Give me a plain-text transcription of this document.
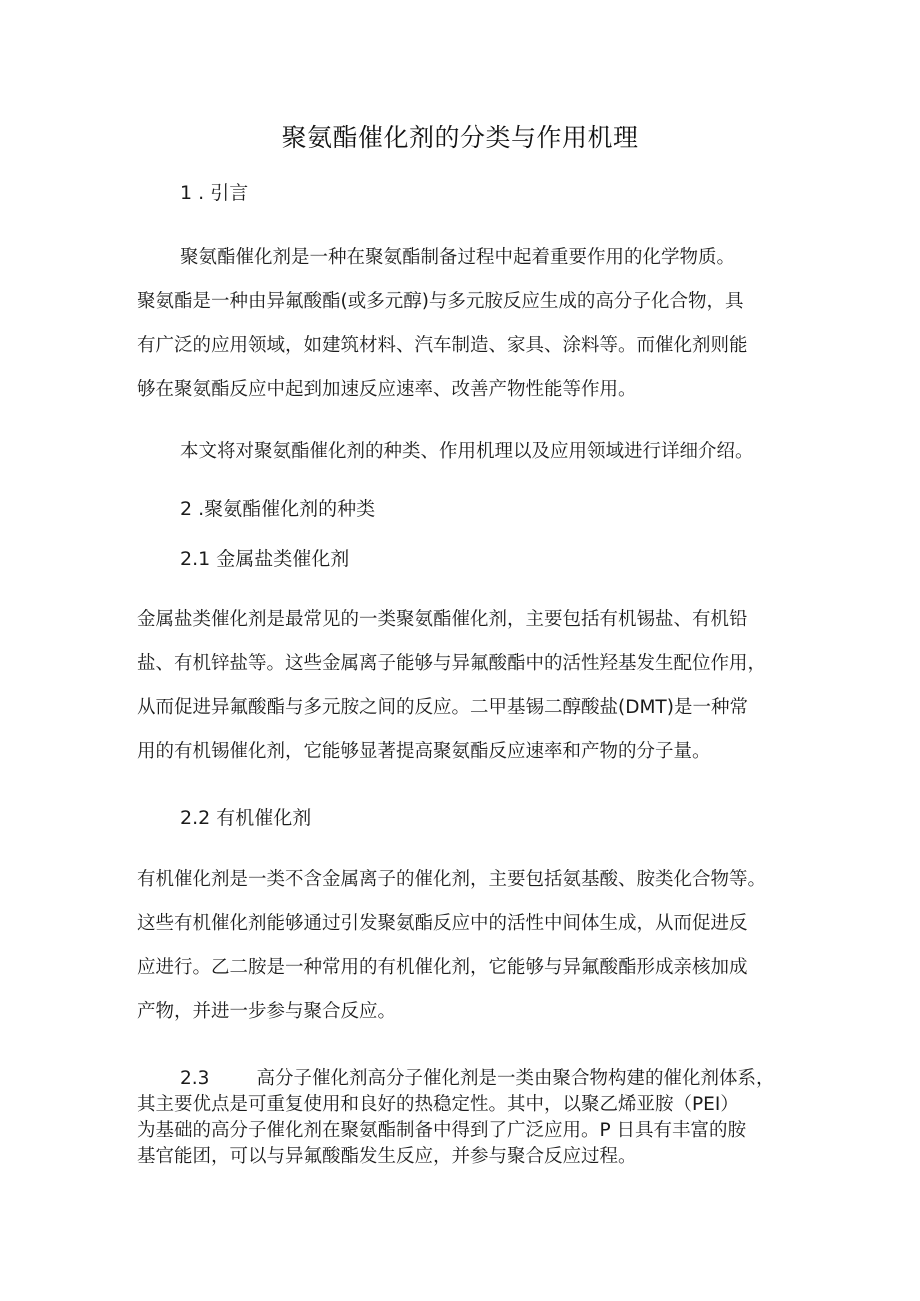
聚氨酯催化剂的分类与作用机理
1 . 引言
聚氨酯催化剂是一种在聚氨酯制备过程中起着重要作用的化学物质。
聚氨酯是一种由异氟酸酯(或多元醇)与多元胺反应生成的高分子化合物，具
有广泛的应用领域，如建筑材料、汽车制造、家具、涂料等。而催化剂则能
够在聚氨酯反应中起到加速反应速率、改善产物性能等作用。
本文将对聚氨酯催化剂的种类、作用机理以及应用领域进行详细介绍。
2 .聚氨酯催化剂的种类
2.1 金属盐类催化剂
金属盐类催化剂是最常见的一类聚氨酯催化剂，主要包括有机锡盐、有机铅
盐、有机锌盐等。这些金属离子能够与异氟酸酯中的活性羟基发生配位作用，
从而促进异氟酸酯与多元胺之间的反应。二甲基锡二醇酸盐(DMT)是一种常
用的有机锡催化剂，它能够显著提高聚氨酯反应速率和产物的分子量。
2.2 有机催化剂
有机催化剂是一类不含金属离子的催化剂，主要包括氨基酸、胺类化合物等。
这些有机催化剂能够通过引发聚氨酯反应中的活性中间体生成，从而促进反
应进行。乙二胺是一种常用的有机催化剂，它能够与异氟酸酯形成亲核加成
产物，并进一步参与聚合反应。
2.3        高分子催化剂高分子催化剂是一类由聚合物构建的催化剂体系，
其主要优点是可重复使用和良好的热稳定性。其中，以聚乙烯亚胺（PEI）
为基础的高分子催化剂在聚氨酯制备中得到了广泛应用。P 日具有丰富的胺
基官能团，可以与异氟酸酯发生反应，并参与聚合反应过程。
